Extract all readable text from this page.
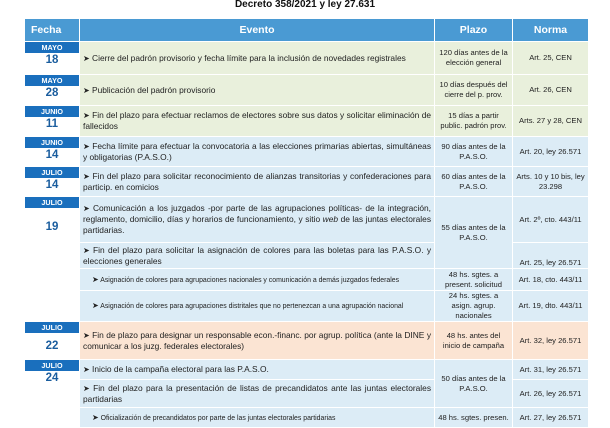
Decreto 358/2021 y ley 27.631
Fecha	Evento	Plazo	Norma

MAYO
18	➤ Cierre del padrón provisorio y fecha límite para la inclusión de novedades registrales	120 días antes de la elección general	Art. 25, CEN

MAYO
28	➤ Publicación del padrón provisorio	10 días después del cierre del p. prov.	Art. 26, CEN

JUNIO
11	➤ Fin del plazo para efectuar reclamos de electores sobre sus datos y solicitar eliminación de fallecidos	15 días a partir public. padrón prov.	Arts. 27 y 28, CEN

JUNIO
14	➤ Fecha límite para efectuar la convocatoria a las elecciones primarias abiertas, simultáneas y obligatorias (P.A.S.O.)	90 días antes de la P.A.S.O.	Art. 20, ley 26.571

JULIO
14	➤ Fin del plazo para solicitar reconocimiento de alianzas transitorias y confederaciones para particip. en comicios	60 días antes de la P.A.S.O.	Arts. 10 y 10 bis, ley 23.298

JULIO
19	➤ Comunicación a los juzgados -por parte de las agrupaciones políticas- de la integración, reglamento, domicilio, días y horarios de funcionamiento, y sitio web de las juntas electorales partidarias.	55 días antes de la P.A.S.O.	Art. 2º, cto. 443/11
	➤ Fin del plazo para solicitar la asignación de colores para las boletas para las P.A.S.O. y elecciones generales		Art. 25, ley 26.571
	➤ Asignación de colores para agrupaciones nacionales y comunicación a demás juzgados federales	48 hs. sgtes. a present. solicitud	Art. 18, cto. 443/11
	➤ Asignación de colores para agrupaciones distritales que no pertenezcan a una agrupación nacional	24 hs. sgtes. a asign. agrup. nacionales	Art. 19, dto. 443/11

JULIO
22	➤ Fin de plazo para designar un responsable econ.-financ. por agrup. política (ante la DINE y comunicar a los juzg. federales electorales)	48 hs. antes del inicio de campaña	Art. 32, ley 26.571

JULIO
24	➤ Inicio de la campaña electoral para las P.A.S.O.	50 días antes de la P.A.S.O.	Art. 31, ley 26.571
	➤ Fin del plazo para la presentación de listas de precandidatos ante las juntas electorales partidarias		Art. 26, ley 26.571
	➤ Oficialización de precandidatos por parte de las juntas electorales partidarias	48 hs. sgtes. presen.	Art. 27, ley 26.571
